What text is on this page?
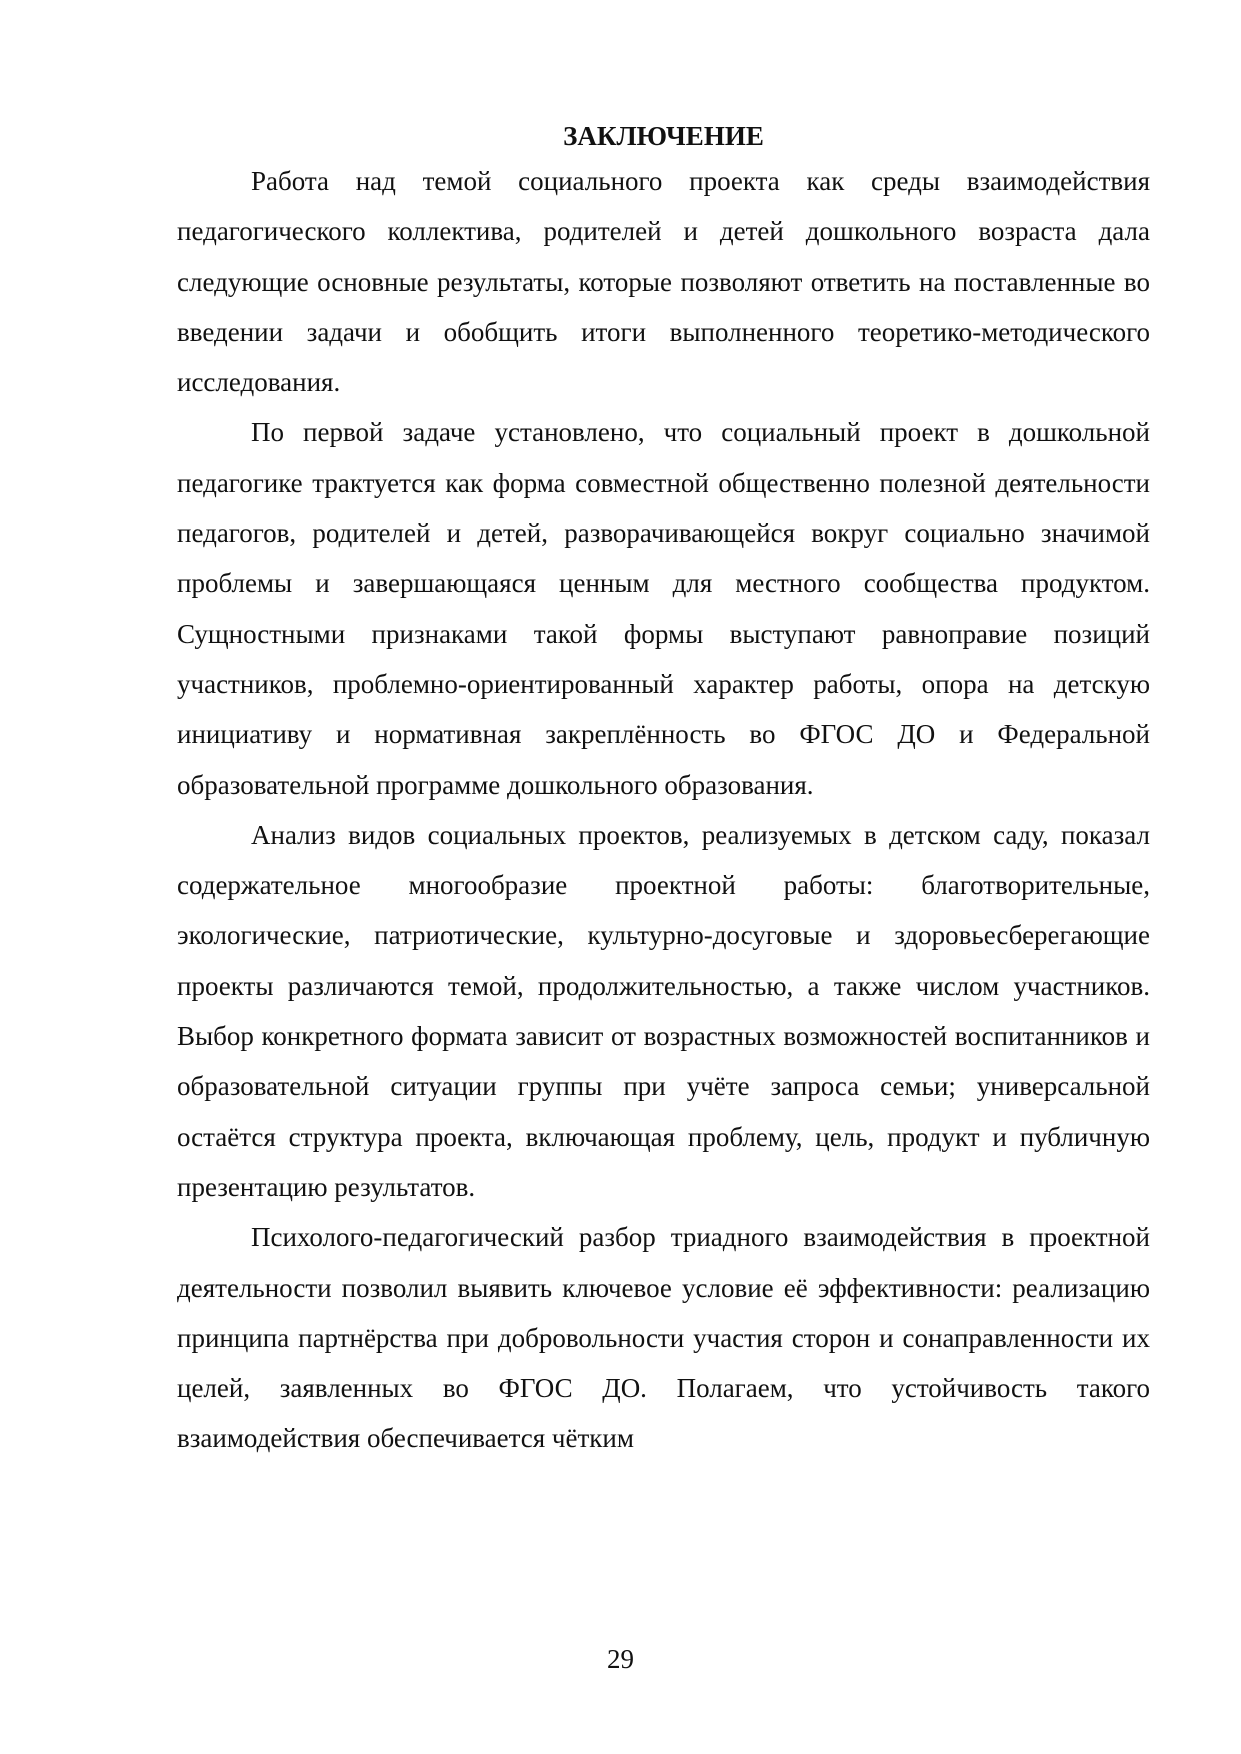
ЗАКЛЮЧЕНИЕ

Работа над темой социального проекта как среды взаимодействия педагогического коллектива, родителей и детей дошкольного возраста дала следующие основные результаты, которые позволяют ответить на поставленные во введении задачи и обобщить итоги выполненного теоретико-методического исследования.

По первой задаче установлено, что социальный проект в дошкольной педагогике трактуется как форма совместной общественно полезной деятельности педагогов, родителей и детей, разворачивающейся вокруг социально значимой проблемы и завершающаяся ценным для местного сообщества продуктом. Сущностными признаками такой формы выступают равноправие позиций участников, проблемно-ориентированный характер работы, опора на детскую инициативу и нормативная закреплённость во ФГОС ДО и Федеральной образовательной программе дошкольного образования.

Анализ видов социальных проектов, реализуемых в детском саду, показал содержательное многообразие проектной работы: благотворительные, экологические, патриотические, культурно-досуговые и здоровьесберегающие проекты различаются темой, продолжительностью, а также числом участников. Выбор конкретного формата зависит от возрастных возможностей воспитанников и образовательной ситуации группы при учёте запроса семьи; универсальной остаётся структура проекта, включающая проблему, цель, продукт и публичную презентацию результатов.

Психолого-педагогический разбор триадного взаимодействия в проектной деятельности позволил выявить ключевое условие её эффективности: реализацию принципа партнёрства при добровольности участия сторон и сонаправленности их целей, заявленных во ФГОС ДО. Полагаем, что устойчивость такого взаимодействия обеспечивается чётким

29
